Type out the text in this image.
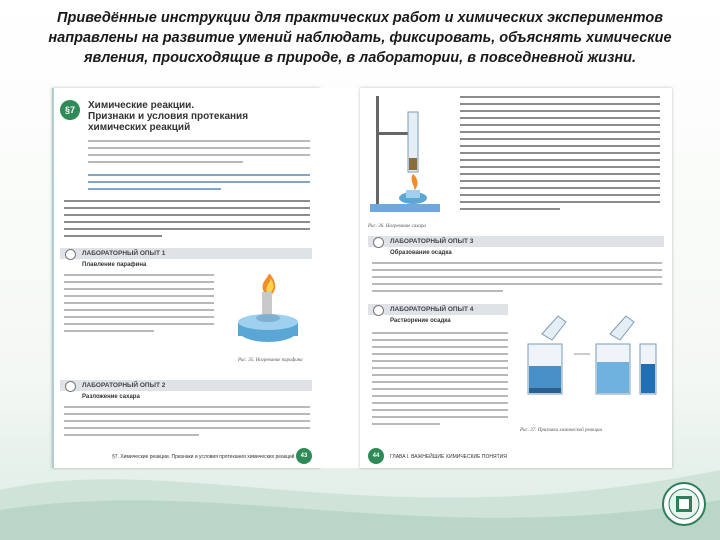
Приведённые инструкции для практических работ и химических экспериментов
направлены на развитие умений наблюдать, фиксировать, объяснять химические
явления, происходящие в природе, в лаборатории, в повседневной жизни.
§7	Химические реакции.
Признаки и условия протекания
химических реакций
ЛАБОРАТОРНЫЙ ОПЫТ 1
Плавление парафина
Рис. 35. Нагревание парафина
ЛАБОРАТОРНЫЙ ОПЫТ 2
Разложение сахара
§7. Химические реакции. Признаки и условия протекания химических реакций	43
Рис. 36. Нагревание сахара
ЛАБОРАТОРНЫЙ ОПЫТ 3
Образование осадка
ЛАБОРАТОРНЫЙ ОПЫТ 4
Растворение осадка
Рис. 37. Признаки химической реакции
44	ГЛАВА I. ВАЖНЕЙШИЕ ХИМИЧЕСКИЕ ПОНЯТИЯ
